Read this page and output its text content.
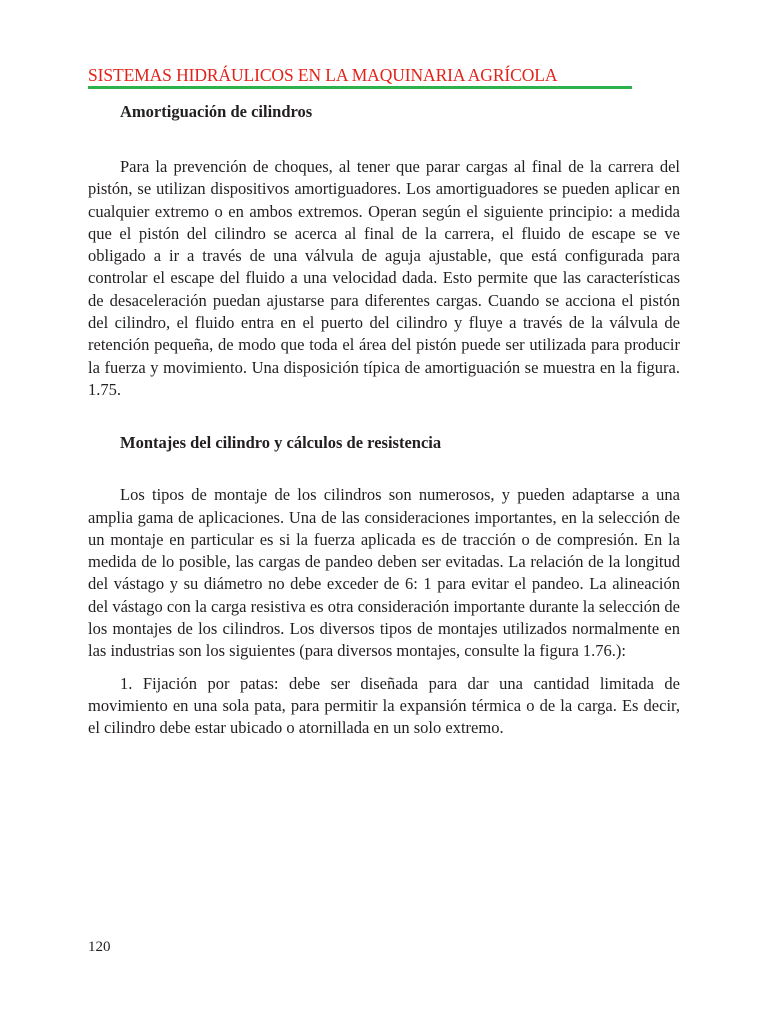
SISTEMAS HIDRÁULICOS EN LA MAQUINARIA AGRÍCOLA
Amortiguación de cilindros

Para la prevención de choques, al tener que parar cargas al final de la carrera del pistón, se utilizan dispositivos amortiguadores. Los amortiguadores se pueden aplicar en cualquier extremo o en ambos extremos. Operan según el siguiente principio: a medida que el pistón del cilindro se acerca al final de la carrera, el fluido de escape se ve obligado a ir a través de una válvula de aguja ajustable, que está configurada para controlar el escape del fluido a una velocidad dada. Esto permite que las características de desaceleración puedan ajustarse para diferentes cargas. Cuando se acciona el pistón del cilindro, el fluido entra en el puerto del cilindro y fluye a través de la válvula de retención pequeña, de modo que toda el área del pistón puede ser utilizada para producir la fuerza y movimiento. Una disposición típica de amortiguación se muestra en la figura. 1.75.

Montajes del cilindro y cálculos de resistencia

Los tipos de montaje de los cilindros son numerosos, y pueden adaptarse a una amplia gama de aplicaciones. Una de las consideraciones importantes, en la selección de un montaje en particular es si la fuerza aplicada es de tracción o de compresión. En la medida de lo posible, las cargas de pandeo deben ser evitadas. La relación de la longitud del vástago y su diámetro no debe exceder de 6: 1 para evitar el pandeo. La alineación del vástago con la carga resistiva es otra consideración importante durante la selección de los montajes de los cilindros. Los diversos tipos de montajes utilizados normalmente en las industrias son los siguientes (para diversos montajes, consulte la figura 1.76.):

1. Fijación por patas: debe ser diseñada para dar una cantidad limitada de movimiento en una sola pata, para permitir la expansión térmica o de la carga. Es decir, el cilindro debe estar ubicado o atornillada en un solo extremo.

120
